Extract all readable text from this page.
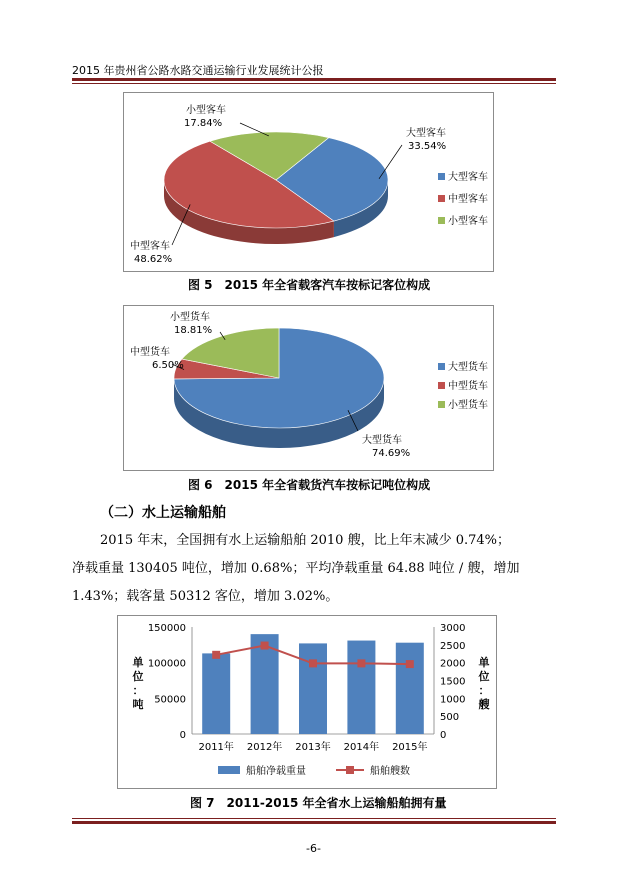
2015 年贵州省公路水路交通运输行业发展统计公报
大型客车
33.54%
中型客车
48.62%
小型客车
17.84%
大型客车
中型客车
小型客车
图 5　2015 年全省载客汽车按标记客位构成
大型货车
74.69%
中型货车
6.50%
小型货车
18.81%
大型货车
中型货车
小型货车
图 6　2015 年全省载货汽车按标记吨位构成
（二）水上运输船舶
2015 年末，全国拥有水上运输船舶 2010 艘，比上年末减少 0.74%；
净载重量 130405 吨位，增加 0.68%；平均净载重量 64.88 吨位 / 艘，增加
1.43%；载客量 50312 客位，增加 3.02%。
150000
100000
50000
0
3000
2500
2000
1500
1000
500
0
单
位
：
吨
单
位
：
艘
2011年 2012年 2013年 2014年 2015年
船舶净载重量	船舶艘数
图 7　2011-2015 年全省水上运输船舶拥有量
-6-
